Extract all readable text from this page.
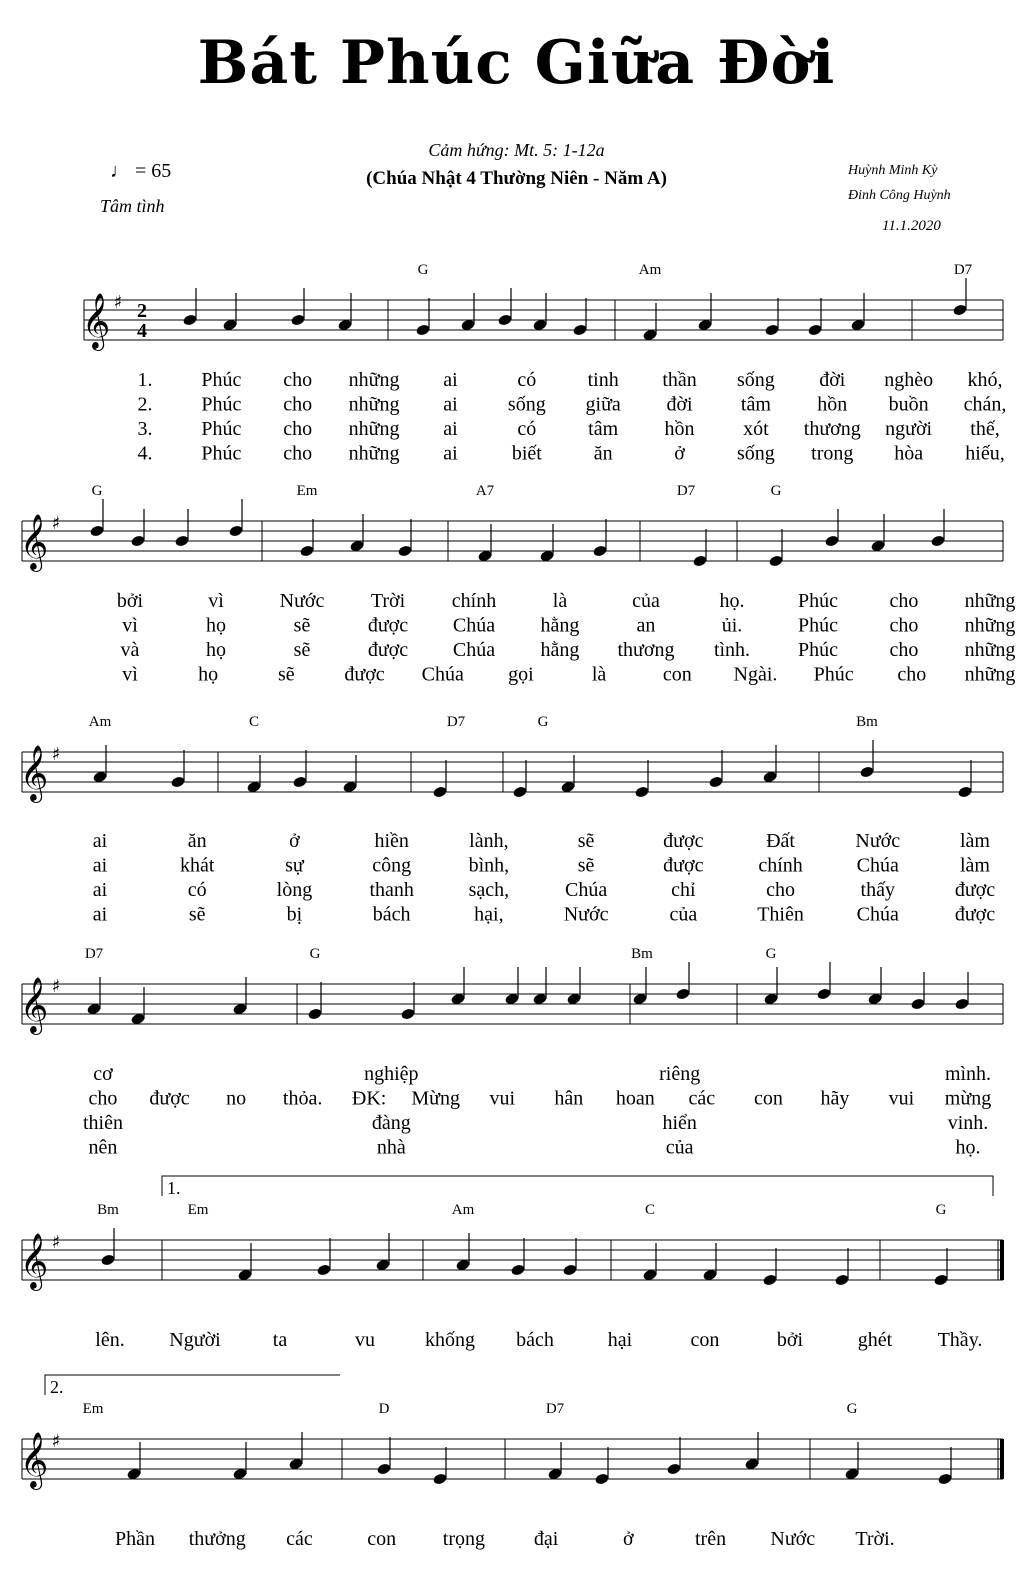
Bát Phúc Giữa Đời
Cảm hứng: Mt. 5: 1-12a
(Chúa Nhật 4 Thường Niên - Năm A)
♩ = 65
Tâm tình
Huỳnh Minh Kỳ
Đinh Công Huỳnh
11.1.2020
𝄞 ♯ 2
4
G	Am	D7
1. Phúc cho những ai	có	tinh thần sống đời nghèo khó,
2. Phúc cho những ai	sống giữa đời tâm hồn buồn chán,
3. Phúc cho những ai	có	tâm hồn xót thương người thế,
4. Phúc cho những ai	biết	ăn	ở	sống trong hòa hiếu,
𝄞 ♯
G	Em	A7	D7	G
bởi	vì	Nước Trời chính	là	của	họ.	Phúc	cho những
vì	họ	sẽ	được Chúa hằng	an	ủi.	Phúc	cho những
và	họ	sẽ	được Chúa hằng thương tình. Phúc	cho những
vì	họ	sẽ được Chúa gọi	là	con Ngài. Phúc cho những
𝄞 ♯
Am	C	D7	G	Bm
ai	ăn	ở	hiền	lành,	sẽ	được	Đất	Nước	làm
ai	khát	sự	công	bình,	sẽ	được	chính	Chúa	làm
ai	có	lòng	thanh	sạch,	Chúa	chỉ	cho	thấy	được
ai	sẽ	bị	bách	hại,	Nước	của	Thiên	Chúa	được
𝄞 ♯
D7	G	Bm	G
cơ	nghiệp	riêng	mình.
cho được no thỏa. ĐK: Mừng vui hân hoan các con hãy vui mừng
thiên	đàng	hiển	vinh.
nên	nhà	của	họ.
𝄞 ♯
Bm	Em	Am	C	G
1.
lên. Người	ta	vu	khống bách	hại	con	bởi	ghét Thầy.
𝄞 ♯
Em	D	D7	G
2.
Phần thưởng các	con trọng đại	ở	trên Nước Trời.
